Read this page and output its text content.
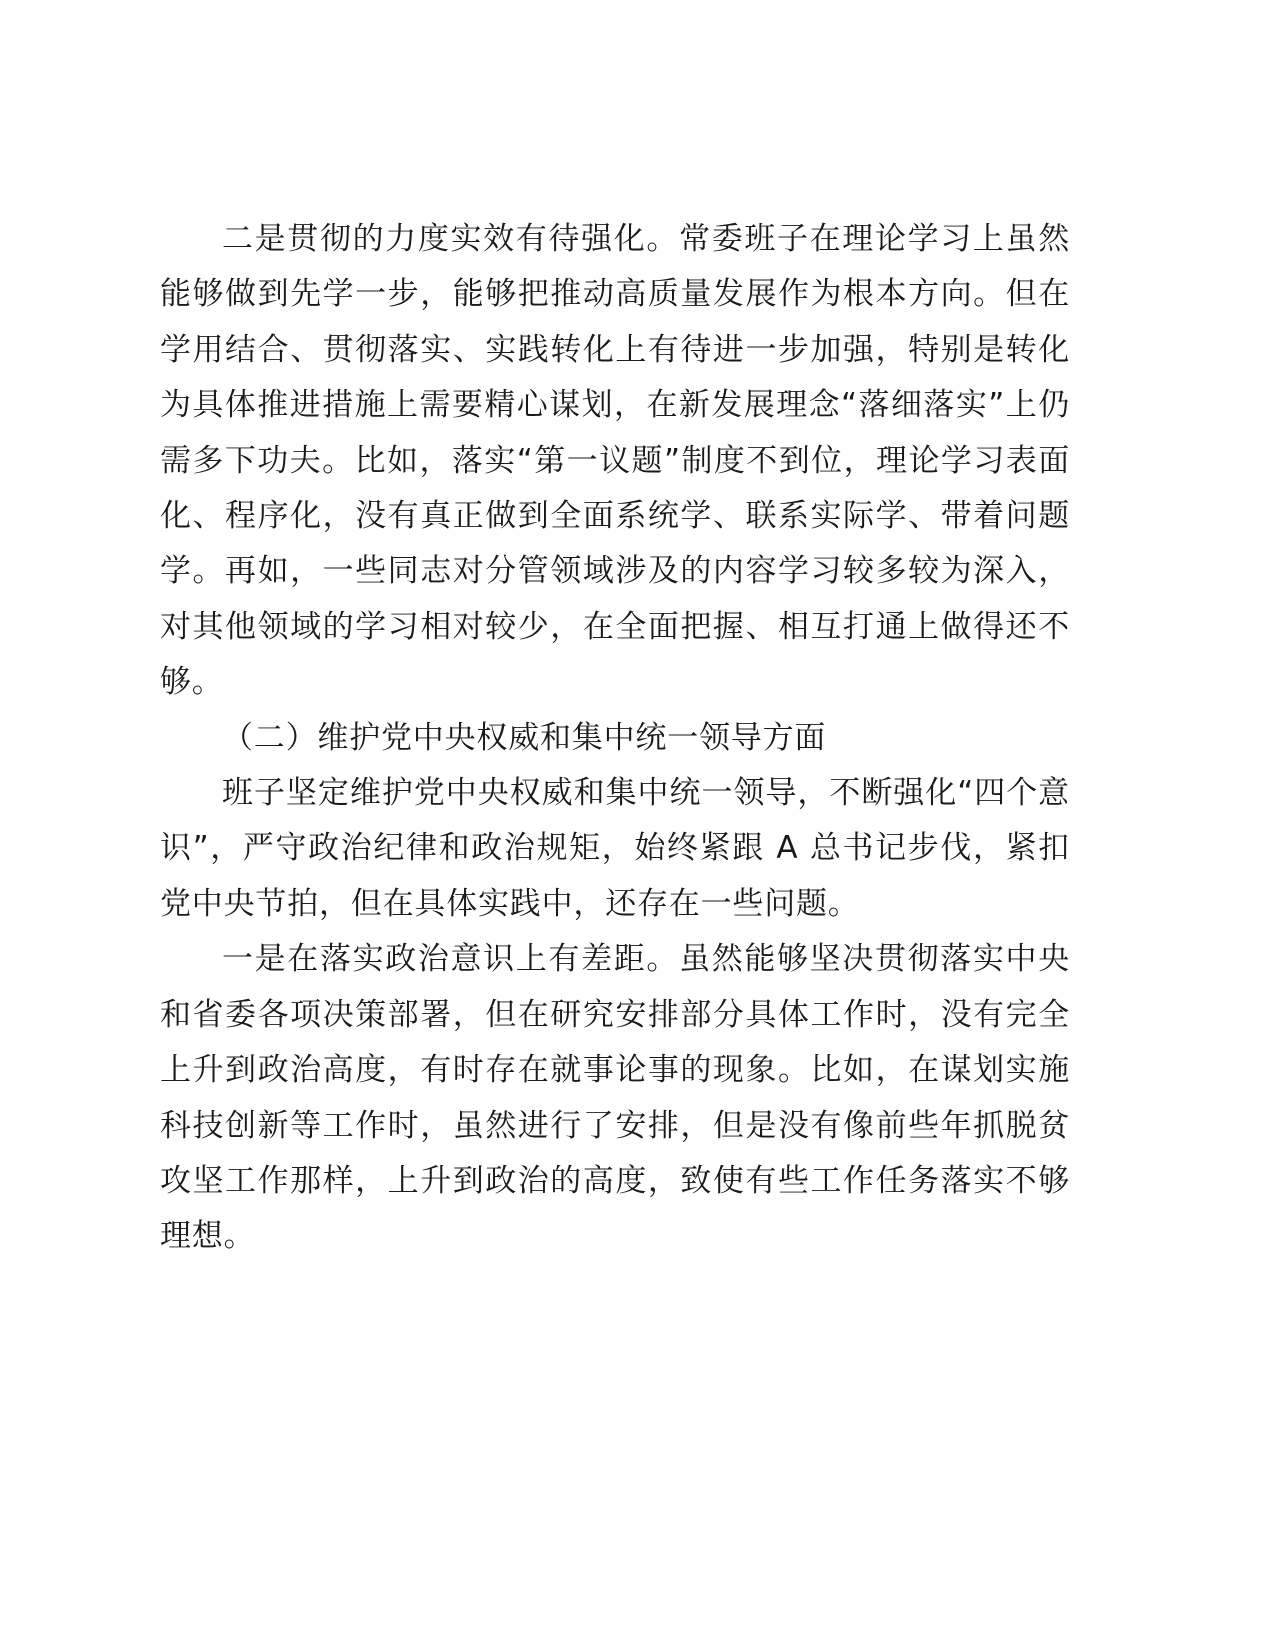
二是贯彻的力度实效有待强化。常委班子在理论学习上虽然能够做到先学一步，能够把推动高质量发展作为根本方向。但在学用结合、贯彻落实、实践转化上有待进一步加强，特别是转化为具体推进措施上需要精心谋划，在新发展理念“落细落实”上仍需多下功夫。比如，落实“第一议题”制度不到位，理论学习表面化、程序化，没有真正做到全面系统学、联系实际学、带着问题学。再如，一些同志对分管领域涉及的内容学习较多较为深入，对其他领域的学习相对较少，在全面把握、相互打通上做得还不够。

（二）维护党中央权威和集中统一领导方面

班子坚定维护党中央权威和集中统一领导，不断强化“四个意识”，严守政治纪律和政治规矩，始终紧跟 A 总书记步伐，紧扣党中央节拍，但在具体实践中，还存在一些问题。

一是在落实政治意识上有差距。虽然能够坚决贯彻落实中央和省委各项决策部署，但在研究安排部分具体工作时，没有完全上升到政治高度，有时存在就事论事的现象。比如，在谋划实施科技创新等工作时，虽然进行了安排，但是没有像前些年抓脱贫攻坚工作那样，上升到政治的高度，致使有些工作任务落实不够理想。
